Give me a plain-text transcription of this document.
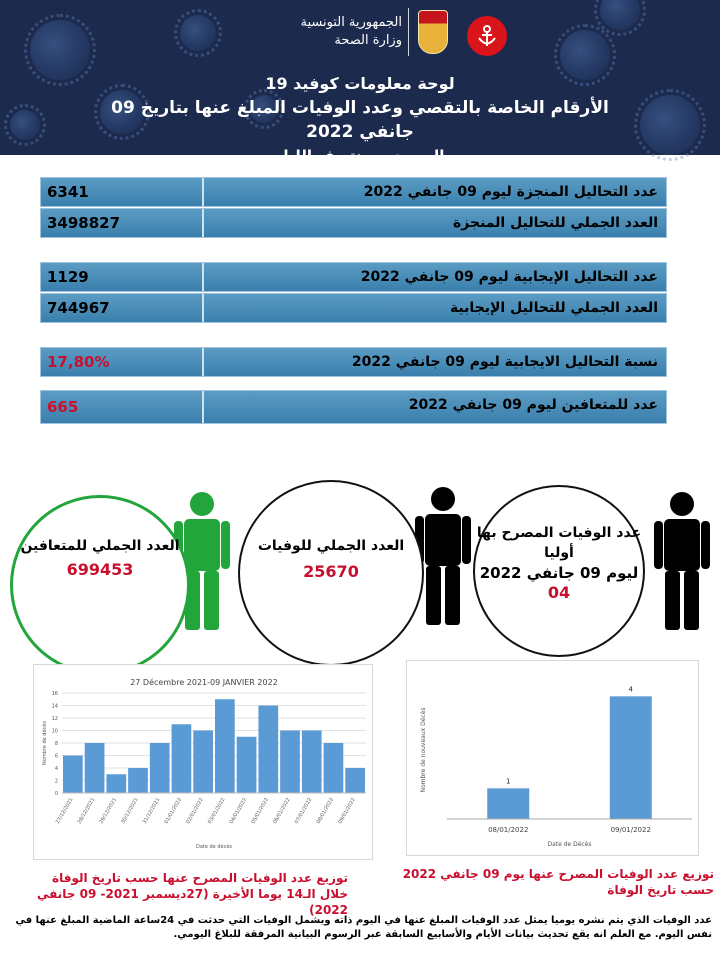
الجمهورية التونسية
وزارة الصحة
لوحة معلومات كوفيد 19
الأرقام الخاصة بالتقصي وعدد الوفيات المبلغ عنها بتاريخ 09 جانفي 2022
إلى حدود منتصف الليل
6341	عدد التحاليل المنجزة ليوم 09 جانفي 2022
3498827	العدد الجملي للتحاليل المنجزة
1129	عدد التحاليل الإيجابية ليوم 09 جانفي 2022
744967	العدد الجملي للتحاليل الإيجابية
17,80%	نسبة التحاليل الايجابية ليوم 09 جانفي 2022
665	عدد للمتعافين ليوم 09 جانفي 2022
العدد الجملي للمتعافين
699453
العدد الجملي للوفيات
25670
عدد الوفيات المصرح بها
أوليا
ليوم 09 جانفي 2022
04
27 Décembre 2021-09 JANVIER 2022
0
2
4
6
8
10
12
14
16
Nombre de décès
27/12/2021 28/12/2021 29/12/2021 30/12/2021 31/12/2021 01/01/2022 02/01/2022 03/01/2022 04/01/2022 05/01/2022 06/01/2022 07/01/2022 08/01/2022 09/01/2022
Date de décès
توزيع عدد الوفيات المصرح عنها حسب تاريخ الوفاة خلال الـ14 يوما الأخيرة (27ديسمبر 2021- 09 جانفي 2022)
Nombre de nouveaux Décès	1
08/01/2022
4
09/01/2022
Date de Décès
توزيع عدد الوفيات المصرح عنها يوم 09 جانفي 2022 حسب تاريخ الوفاة
عدد الوفيات الذي يتم نشره يوميا يمثل عدد الوفيات المبلغ عنها في اليوم ذاته ويشمل الوفيات التي حدثت في 24ساعة الماضية المبلغ عنها في نفس اليوم. مع العلم انه يقع تحديث بيانات الأيام والأسابيع السابقة عبر الرسوم البيانية المرفقة للبلاغ اليومي.
